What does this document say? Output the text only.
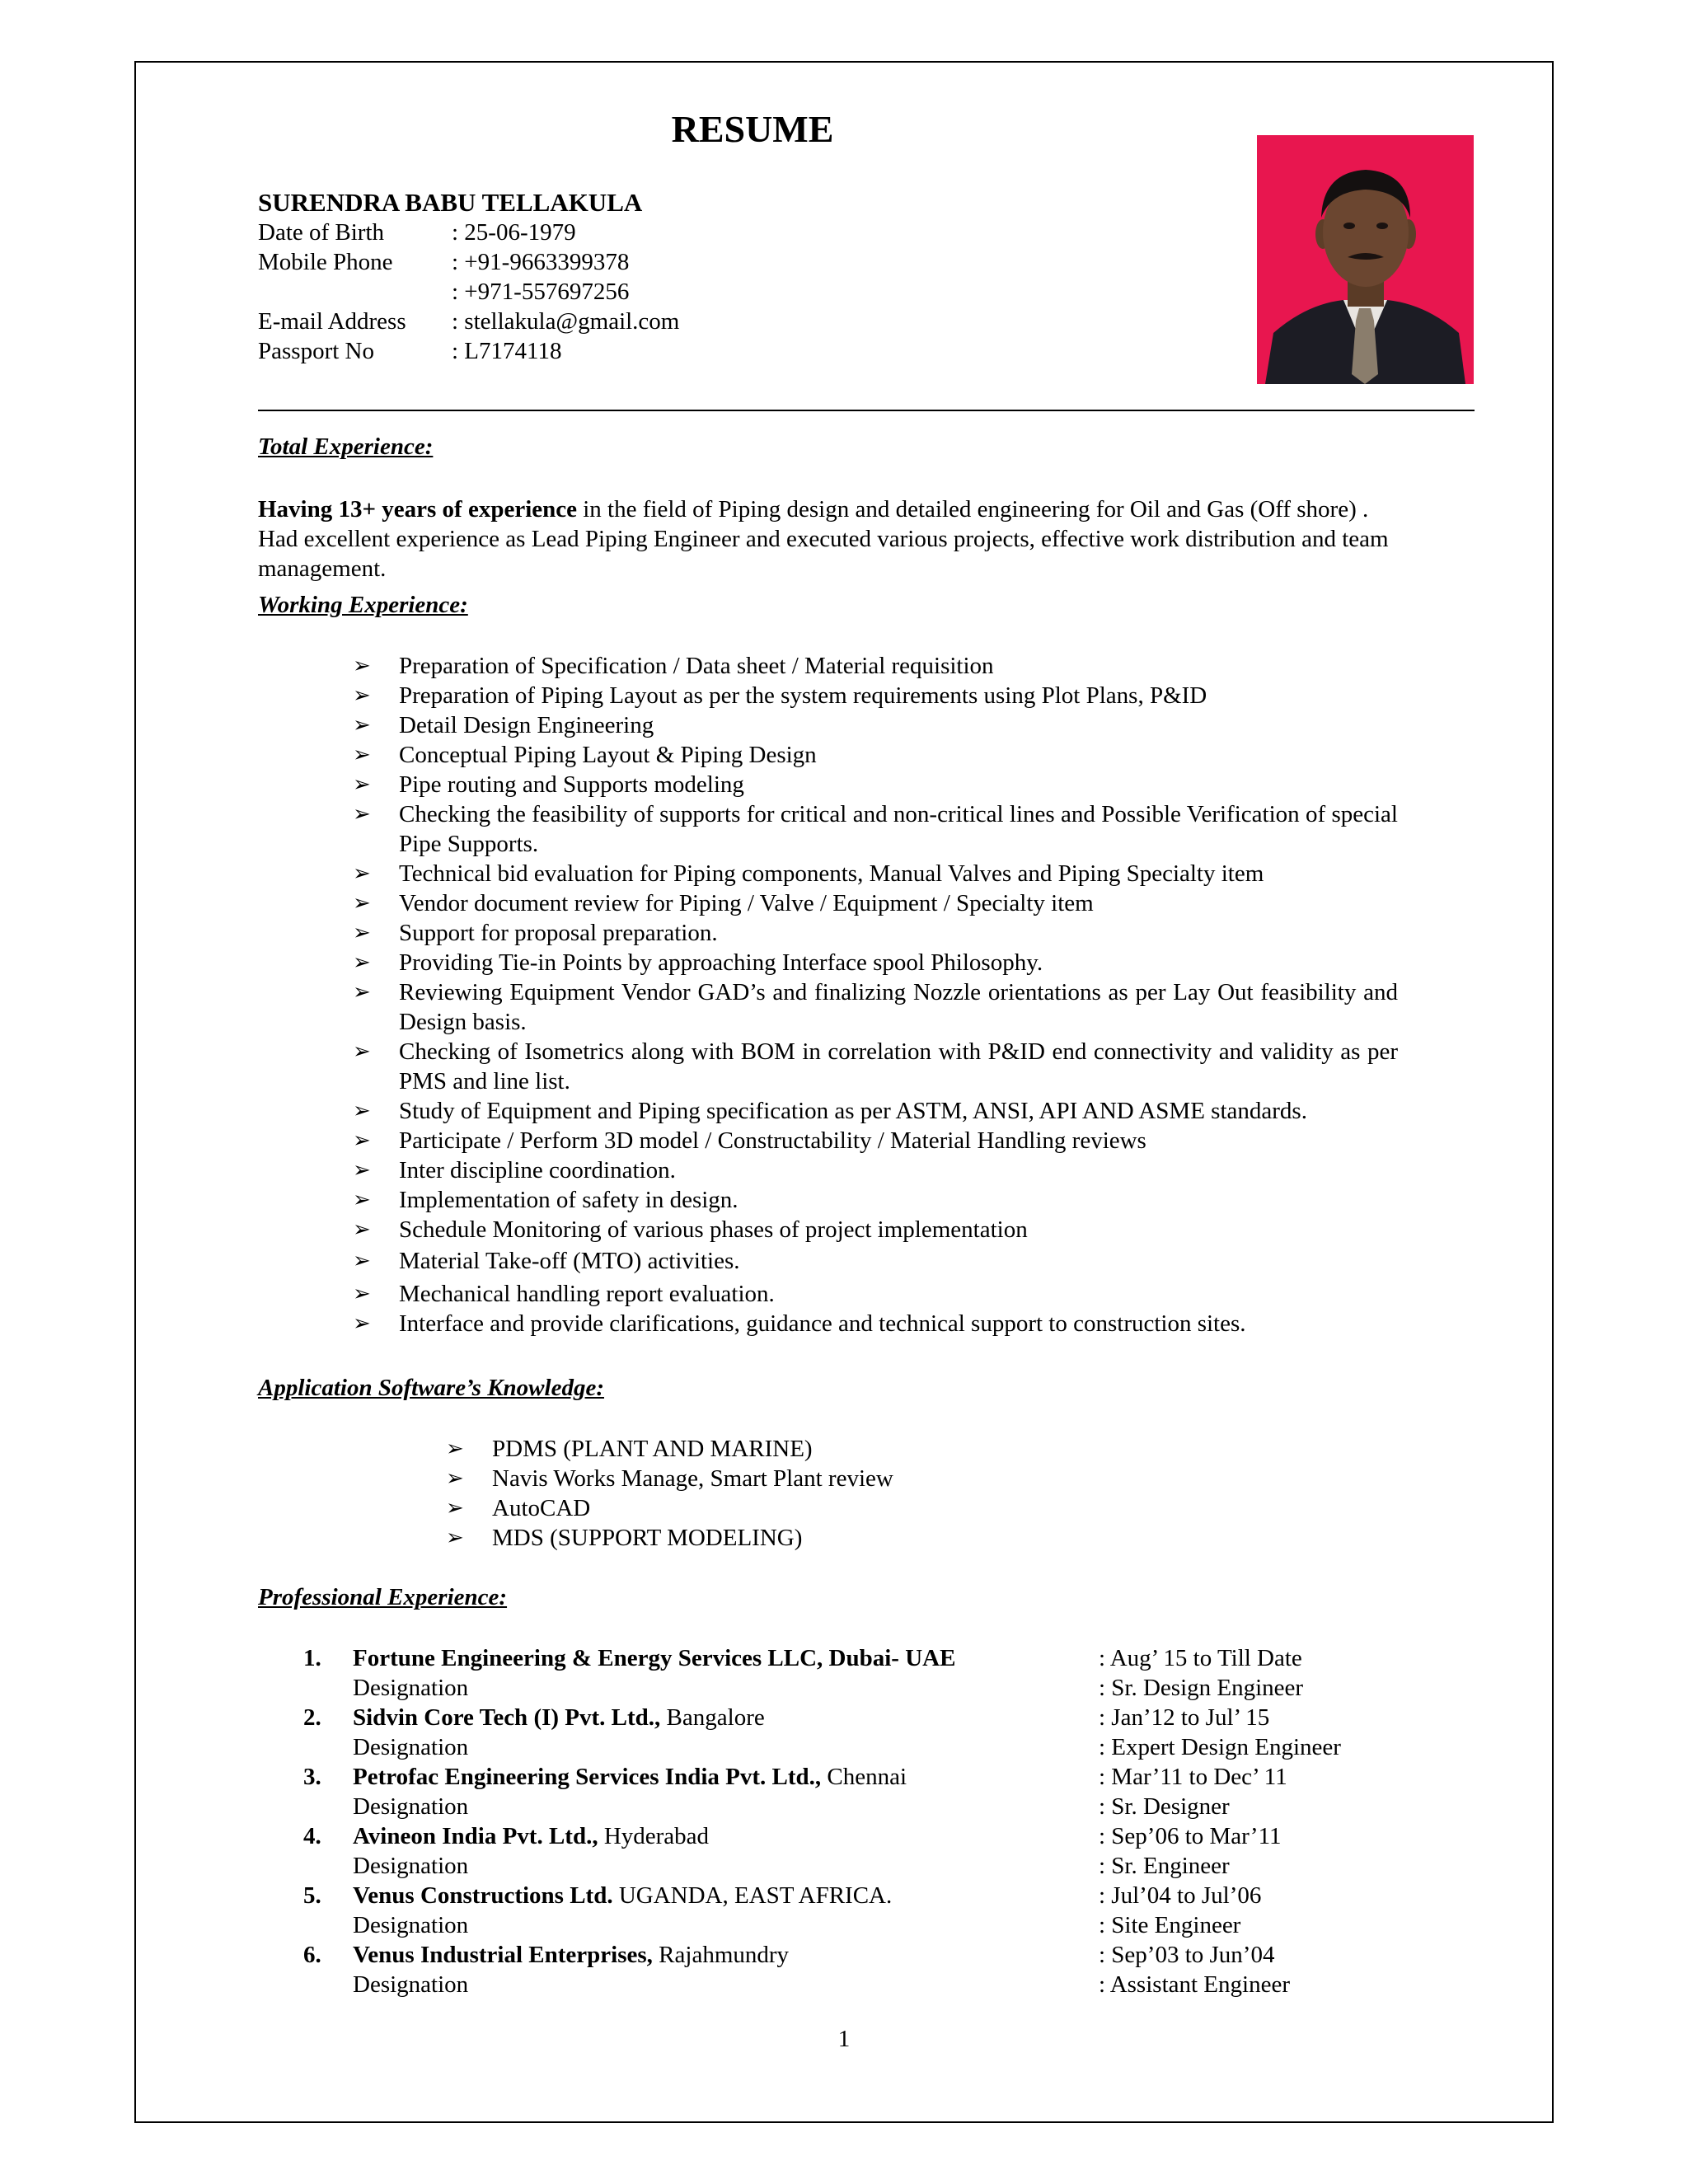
RESUME
SURENDRA BABU TELLAKULA
Date of Birth	: 25-06-1979
Mobile Phone : +91-9663399378
: +971-557697256
E-mail Address : stellakula@gmail.com
Passport No	: L7174118
Total Experience:
Having 13+ years of experience in the field of Piping design and detailed engineering for Oil and Gas (Off shore) . Had excellent experience as Lead Piping Engineer and executed various projects, effective work distribution and team management.
Working Experience:
➢ Preparation of Specification / Data sheet / Material requisition
➢ Preparation of Piping Layout as per the system requirements using Plot Plans, P&ID
➢ Detail Design Engineering
➢ Conceptual Piping Layout & Piping Design
➢ Pipe routing and Supports modeling
➢ Checking the feasibility of supports for critical and non-critical lines and Possible Verification of special Pipe Supports.
➢ Technical bid evaluation for Piping components, Manual Valves and Piping Specialty item
➢ Vendor document review for Piping / Valve / Equipment / Specialty item
➢ Support for proposal preparation.
➢ Providing Tie-in Points by approaching Interface spool Philosophy.
➢ Reviewing Equipment Vendor GAD’s and finalizing Nozzle orientations as per Lay Out feasibility and Design basis.
➢ Checking of Isometrics along with BOM in correlation with P&ID end connectivity and validity as per PMS and line list.
➢ Study of Equipment and Piping specification as per ASTM, ANSI, API AND ASME standards.
➢ Participate / Perform 3D model / Constructability / Material Handling reviews
➢ Inter discipline coordination.
➢ Implementation of safety in design.
➢ Schedule Monitoring of various phases of project implementation
➢ Material Take-off (MTO) activities.
➢ Mechanical handling report evaluation.
➢ Interface and provide clarifications, guidance and technical support to construction sites.
Application Software’s Knowledge:
➢ PDMS (PLANT AND MARINE)
➢ Navis Works Manage, Smart Plant review
➢ AutoCAD
➢ MDS (SUPPORT MODELING)
Professional Experience:
1. Fortune Engineering & Energy Services LLC, Dubai- UAE	: Aug’ 15 to Till Date
Designation	: Sr. Design Engineer
2. Sidvin Core Tech (I) Pvt. Ltd., Bangalore	: Jan’12 to Jul’ 15
Designation	: Expert Design Engineer
3. Petrofac Engineering Services India Pvt. Ltd., Chennai	: Mar’11 to Dec’ 11
Designation	: Sr. Designer
4. Avineon India Pvt. Ltd., Hyderabad	: Sep’06 to Mar’11
Designation	: Sr. Engineer
5. Venus Constructions Ltd. UGANDA, EAST AFRICA.	: Jul’04 to Jul’06
Designation	: Site Engineer
6. Venus Industrial Enterprises, Rajahmundry	: Sep’03 to Jun’04
Designation	: Assistant Engineer
1
